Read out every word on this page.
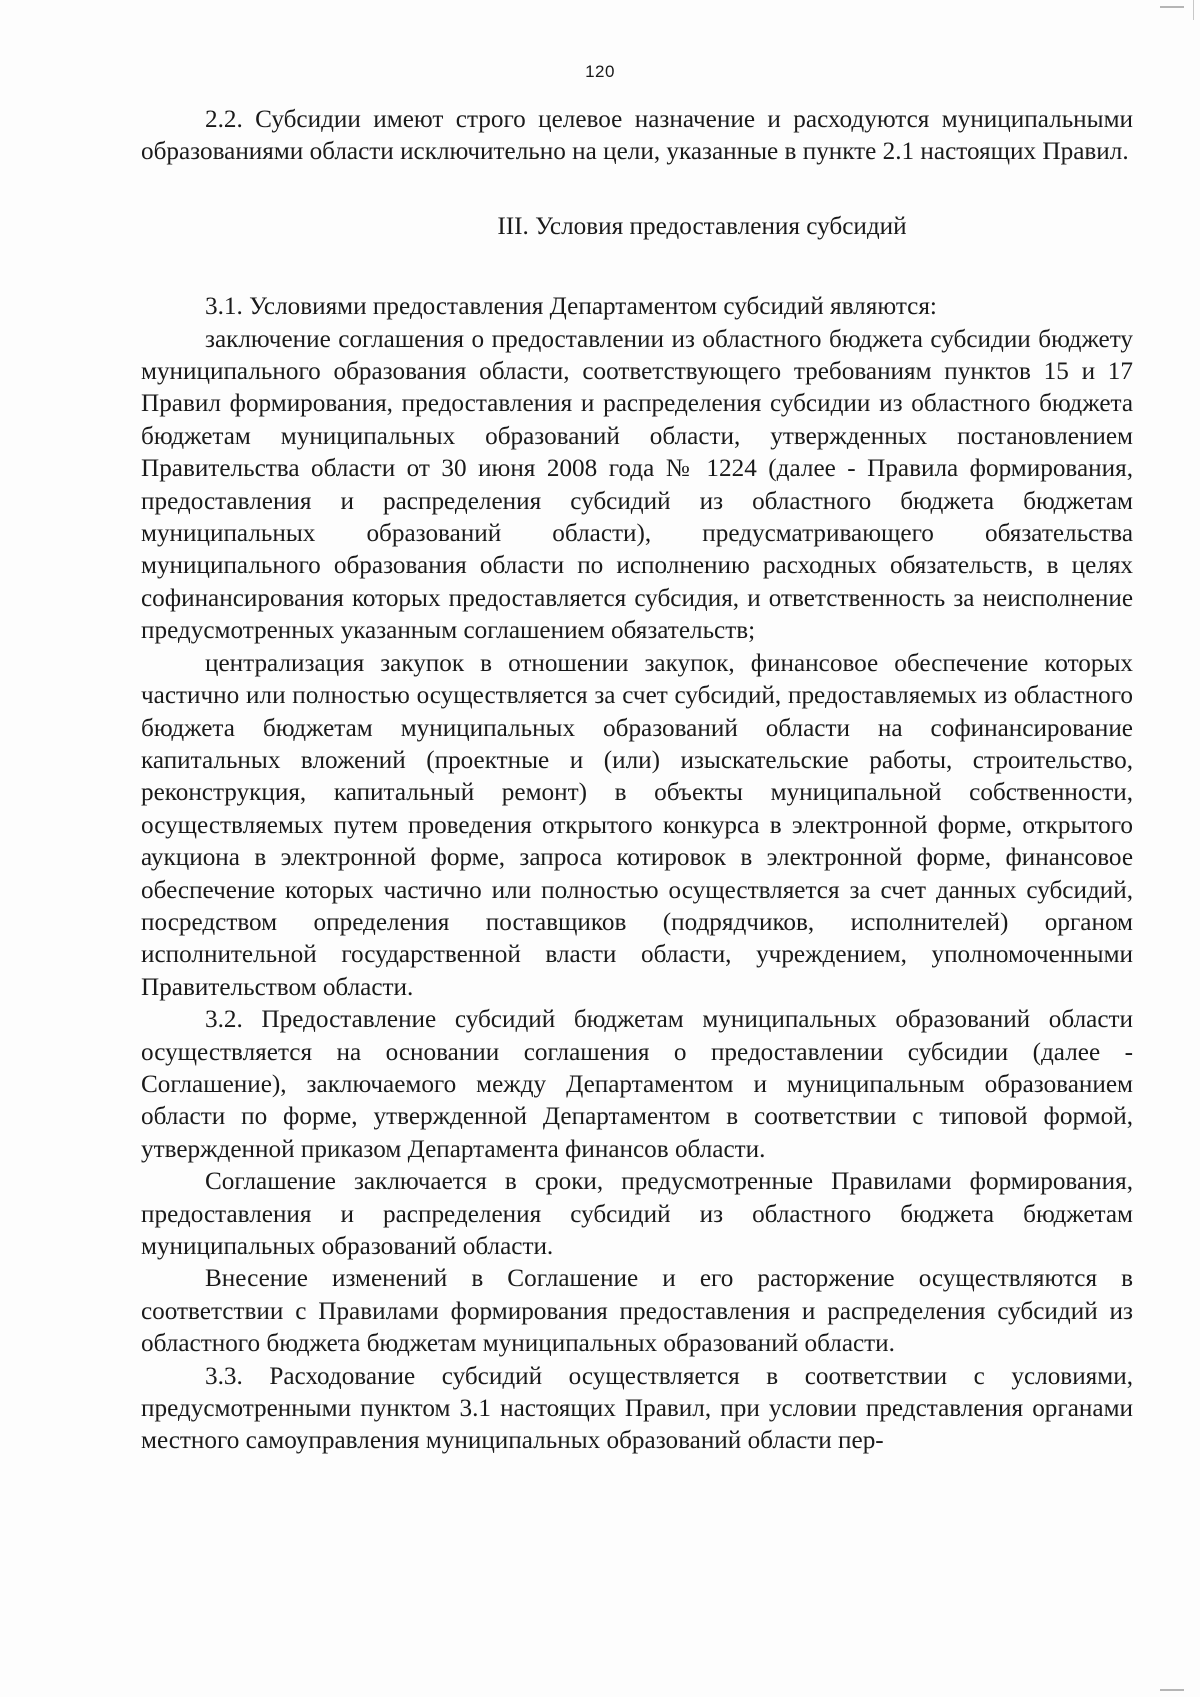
120

2.2. Субсидии имеют строго целевое назначение и расходуются муниципальными образованиями области исключительно на цели, указанные в пункте 2.1 настоящих Правил.

III. Условия предоставления субсидий

3.1. Условиями предоставления Департаментом субсидий являются:

заключение соглашения о предоставлении из областного бюджета субсидии бюджету муниципального образования области, соответствующего требованиям пунктов 15 и 17 Правил формирования, предоставления и распределения субсидии из областного бюджета бюджетам муниципальных образований области, утвержденных постановлением Правительства области от 30 июня 2008 года № 1224 (далее - Правила формирования, предоставления и распределения субсидий из областного бюджета бюджетам муниципальных образований области), предусматривающего обязательства муниципального образования области по исполнению расходных обязательств, в целях софинансирования которых предоставляется субсидия, и ответственность за неисполнение предусмотренных указанным соглашением обязательств;

централизация закупок в отношении закупок, финансовое обеспечение которых частично или полностью осуществляется за счет субсидий, предоставляемых из областного бюджета бюджетам муниципальных образований области на софинансирование капитальных вложений (проектные и (или) изыскательские работы, строительство, реконструкция, капитальный ремонт) в объекты муниципальной собственности, осуществляемых путем проведения открытого конкурса в электронной форме, открытого аукциона в электронной форме, запроса котировок в электронной форме, финансовое обеспечение которых частично или полностью осуществляется за счет данных субсидий, посредством определения поставщиков (подрядчиков, исполнителей) органом исполнительной государственной власти области, учреждением, уполномоченными Правительством области.

3.2. Предоставление субсидий бюджетам муниципальных образований области осуществляется на основании соглашения о предоставлении субсидии (далее - Соглашение), заключаемого между Департаментом и муниципальным образованием области по форме, утвержденной Департаментом в соответствии с типовой формой, утвержденной приказом Департамента финансов области.

Соглашение заключается в сроки, предусмотренные Правилами формирования, предоставления и распределения субсидий из областного бюджета бюджетам муниципальных образований области.

Внесение изменений в Соглашение и его расторжение осуществляются в соответствии с Правилами формирования предоставления и распределения субсидий из областного бюджета бюджетам муниципальных образований области.

3.3. Расходование субсидий осуществляется в соответствии с условиями, предусмотренными пунктом 3.1 настоящих Правил, при условии представления органами местного самоуправления муниципальных образований области пер-
